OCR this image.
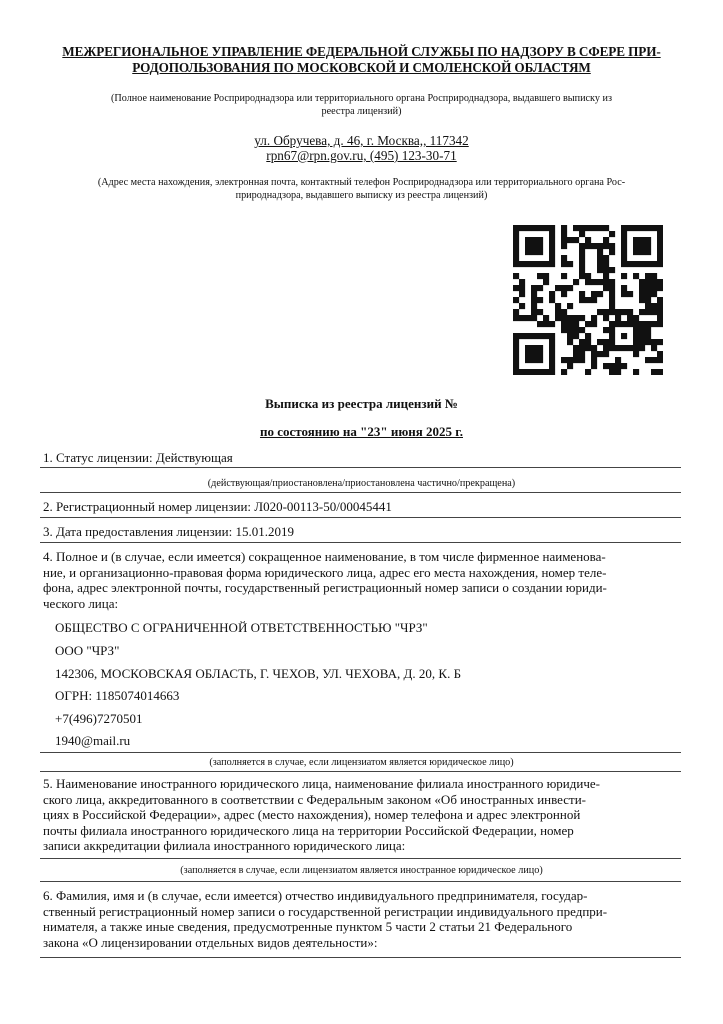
МЕЖРЕГИОНАЛЬНОЕ УПРАВЛЕНИЕ ФЕДЕРАЛЬНОЙ СЛУЖБЫ ПО НАДЗОРУ В СФЕРЕ ПРИ-
РОДОПОЛЬЗОВАНИЯ ПО МОСКОВСКОЙ И СМОЛЕНСКОЙ ОБЛАСТЯМ
(Полное наименование Росприроднадзора или территориального органа Росприроднадзора, выдавшего выписку из
реестра лицензий)
ул. Обручева, д. 46, г. Москва,, 117342
rpn67@rpn.gov.ru, (495) 123-30-71
(Адрес места нахождения, электронная почта, контактный телефон Росприроднадзора или территориального органа Рос-
природнадзора, выдавшего выписку из реестра лицензий)
Выписка из реестра лицензий №
по состоянию на "23" июня 2025 г.
1. Статус лицензии: Действующая
(действующая/приостановлена/приостановлена частично/прекращена)
2. Регистрационный номер лицензии: Л020-00113-50/00045441
3. Дата предоставления лицензии: 15.01.2019
4. Полное и (в случае, если имеется) сокращенное наименование, в том числе фирменное наименова-
ние, и организационно-правовая форма юридического лица, адрес его места нахождения, номер теле-
фона, адрес электронной почты, государственный регистрационный номер записи о создании юриди-
ческого лица:
ОБЩЕСТВО С ОГРАНИЧЕННОЙ ОТВЕТСТВЕННОСТЬЮ "ЧРЗ"
ООО "ЧРЗ"
142306, МОСКОВСКАЯ ОБЛАСТЬ, Г. ЧЕХОВ, УЛ. ЧЕХОВА, Д. 20, К. Б
ОГРН: 1185074014663
+7(496)7270501
1940@mail.ru
(заполняется в случае, если лицензиатом является юридическое лицо)
5. Наименование иностранного юридического лица, наименование филиала иностранного юридиче-
ского лица, аккредитованного в соответствии с Федеральным законом «Об иностранных инвести-
циях в Российской Федерации», адрес (место нахождения), номер телефона и адрес электронной
почты филиала иностранного юридического лица на территории Российской Федерации, номер
записи аккредитации филиала иностранного юридического лица:
(заполняется в случае, если лицензиатом является иностранное юридическое лицо)
6. Фамилия, имя и (в случае, если имеется) отчество индивидуального предпринимателя, государ-
ственный регистрационный номер записи о государственной регистрации индивидуального предпри-
нимателя, а также иные сведения, предусмотренные пунктом 5 части 2 статьи 21 Федерального
закона «О лицензировании отдельных видов деятельности»:
